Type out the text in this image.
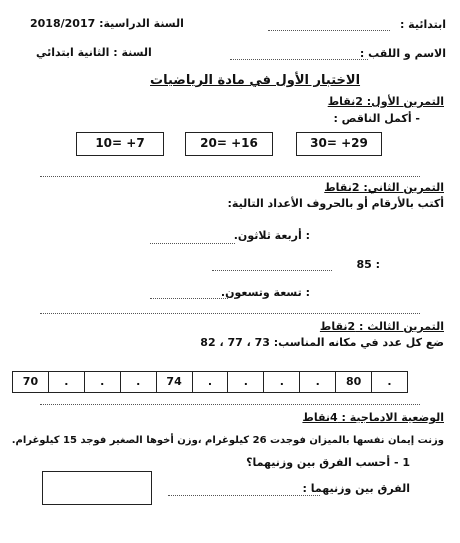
ابتدائية :
السنة الدراسية: 2018/2017
الاسم و اللقب :
السنة : الثانية ابتدائي
الاختبار الأول في مادة الرياضيات
التمرين الأول: 2نقاط
- أكمل الناقص :
30= +29
20= +16
10= +7
التمرين الثاني: 2نقاط
أكتب بالأرقام أو بالحروف الأعداد التالية:
: أربعة ثلاثون.
: 85
: تسعة وتسعون.
التمرين الثالث : 2نقاط
ضع كل عدد في مكانه المناسب: 73 ، 77 ، 82
70	.	.	.	74	.	.	.	.	80	.
الوضعية الادماجية : 4نقاط
وزنت إيمان نفسها بالميزان فوجدت 26 كيلوغرام ،وزن أخوها الصغير فوجد 15 كيلوغرام.
1 - أحسب الفرق بين وزنيهما؟
الفرق بين وزنيهما :
